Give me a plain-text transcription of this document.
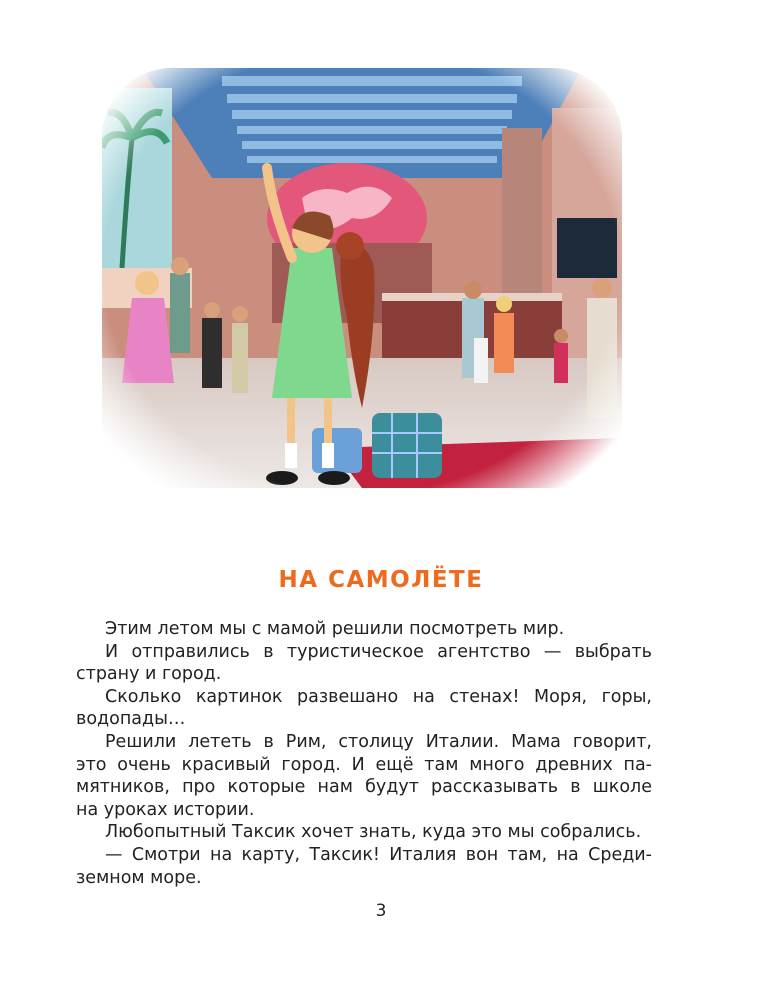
НА САМОЛЁТЕ
Этим летом мы с мамой решили посмотреть мир.
И отправились в туристическое агентство — выбрать
страну и город.
Сколько картинок развешано на стенах! Моря, горы,
водопады…
Решили лететь в Рим, столицу Италии. Мама говорит,
это очень красивый город. И ещё там много древних па-
мятников, про которые нам будут рассказывать в школе
на уроках истории.
Любопытный Таксик хочет знать, куда это мы собрались.
— Смотри на карту, Таксик! Италия вон там, на Среди-
земном море.
3
